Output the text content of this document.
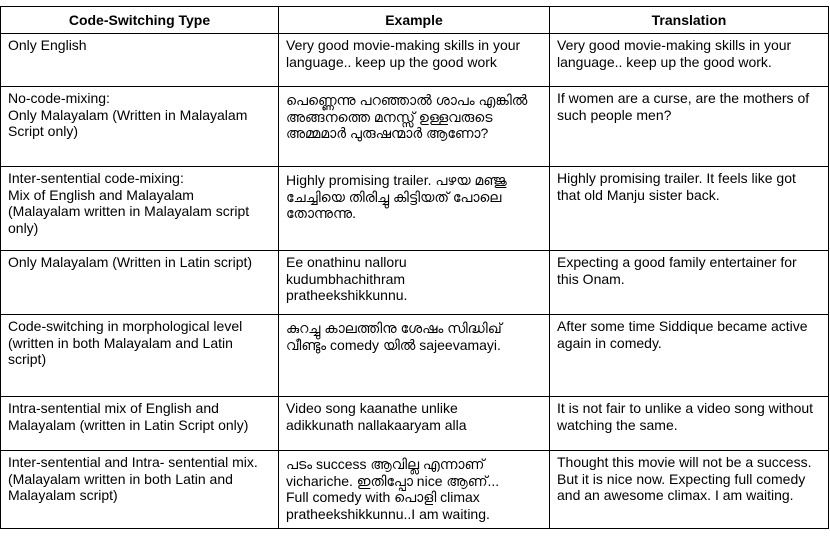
Code-Switching Type	Example	Translation
Only English	Very good movie-making skills in your language.. keep up the good work	Very good movie-making skills in your language.. keep up the good work.
No-code-mixing:
Only Malayalam (Written in Malayalam Script only)	പെണ്ണെന്നു പറഞ്ഞാൽ ശാപം എങ്കിൽ അങ്ങനത്തെ മനസ്സ് ഉള്ളവരുടെ അമ്മമാർ പുരുഷന്മാർ ആണോ?	If women are a curse, are the mothers of such people men?
Inter-sentential code-mixing:
Mix of English and Malayalam
(Malayalam written in Malayalam script only)	Highly promising trailer. പഴയ മഞ്ജു ചേച്ചിയെ തിരിച്ചു കിട്ടിയത് പോലെ തോന്നുന്നു.	Highly promising trailer. It feels like got that old Manju sister back.
Only Malayalam (Written in Latin script)	Ee onathinu nalloru
kudumbhachithram
pratheekshikkunnu.	Expecting a good family entertainer for this Onam.
Code-switching in morphological level (written in both Malayalam and Latin script)	കുറച്ചു കാലത്തിനു ശേഷം സിദ്ധിഖ് വീണ്ടും comedy യിൽ sajeevamayi.	After some time Siddique became active again in comedy.
Intra-sentential mix of English and Malayalam (written in Latin Script only)	Video song kaanathe unlike
adikkunath nallakaaryam alla	It is not fair to unlike a video song without watching the same.
Inter-sentential and Intra- sentential mix.
(Malayalam written in both Latin and Malayalam script)	പടം success ആവില്ല എന്നാണ്
vichariche. ഇതിപ്പോ nice ആണ്...
Full comedy with പൊളി climax
pratheekshikkunnu..I am waiting.	Thought this movie will not be a success. But it is nice now. Expecting full comedy and an awesome climax. I am waiting.
